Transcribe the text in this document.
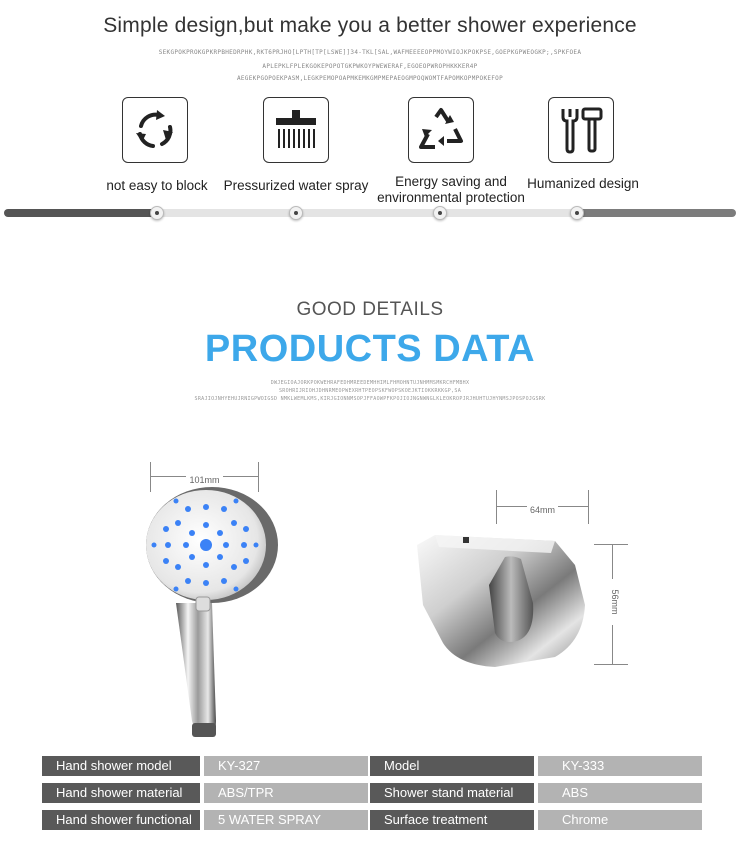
Simple design,but make you a better shower experience
SEKGPOKPROKGPKRPBHEDRPHK,RKT6PRJHO[LPTH[TP[LSWE]]34-TKL[SAL,WAFMEEEEOPPMOYWIOJKPOKPSE,GOEPKGPWEOGKP;,SPKFOEA
APLEPKLFPLEKGOKEPOPOTGKPWKOYPWEWERAF,EGOEOPWROPHKKKER4P
AEGEKPGOPOEKPASM,LEGKPEMOPOAPMKEMKGMPMEPAEOGMPOQWOMTFAPOMKOPMPOKEFOP
not easy to block	Pressurized water spray	Energy saving and
environmental protection
Humanized design
GOOD DETAILS
PRODUCTS DATA
DWJEGIOAJORKPOKWEHRAFEDHMREEDEMHHIMLFHMOHNTUJNHMMSMKRCHFMBHX
SROHRIJRIOHJDHNRMEOPWEXRHTPEOPSKFWOPSKOEJKTIOKKRKKGP,SA
SRAJIOJNHYEHUJRNIGPWOIGSD NMKLWEMLKMS,KIRJGIONNMSOPJFFAOWPFKPOJIOJNGNWNGLKLEOKROPJRJHUHTUJHYNMSJPOSPOJGSRK
101mm
64mm
56mm
Hand shower model	KY-327	Model	KY-333
Hand shower material	ABS/TPR	Shower stand material	ABS
Hand shower functional	5 WATER SPRAY	Surface treatment	Chrome
